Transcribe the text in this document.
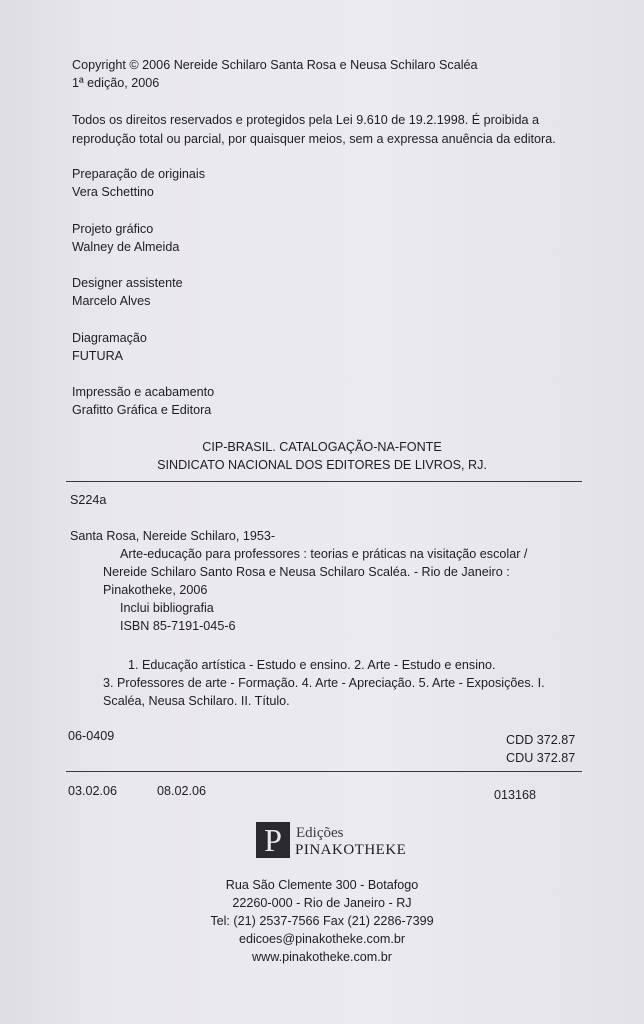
Copyright © 2006 Nereide Schilaro Santa Rosa e Neusa Schilaro Scaléa
1ª edição, 2006
Todos os direitos reservados e protegidos pela Lei 9.610 de 19.2.1998. É proibida a
reprodução total ou parcial, por quaisquer meios, sem a expressa anuência da editora.
Preparação de originais
Vera Schettino
Projeto gráfico
Walney de Almeida
Designer assistente
Marcelo Alves
Diagramação
FUTURA
Impressão e acabamento
Grafitto Gráfica e Editora
CIP-BRASIL. CATALOGAÇÃO-NA-FONTE
SINDICATO NACIONAL DOS EDITORES DE LIVROS, RJ.
S224a
Santa Rosa, Nereide Schilaro, 1953-
Arte-educação para professores : teorias e práticas na visitação escolar /
Nereide Schilaro Santo Rosa e Neusa Schilaro Scaléa. - Rio de Janeiro :
Pinakotheke, 2006
Inclui bibliografia
ISBN 85-7191-045-6
1. Educação artística - Estudo e ensino. 2. Arte - Estudo e ensino.
3. Professores de arte - Formação. 4. Arte - Apreciação. 5. Arte - Exposições. I.
Scaléa, Neusa Schilaro. II. Título.
06-0409	CDD 372.87
CDU 372.87
03.02.06	08.02.06	013168
P Edições
PINAKOTHEKE
Rua São Clemente 300 - Botafogo
22260-000 - Rio de Janeiro - RJ
Tel: (21) 2537-7566 Fax (21) 2286-7399
edicoes@pinakotheke.com.br
www.pinakotheke.com.br
